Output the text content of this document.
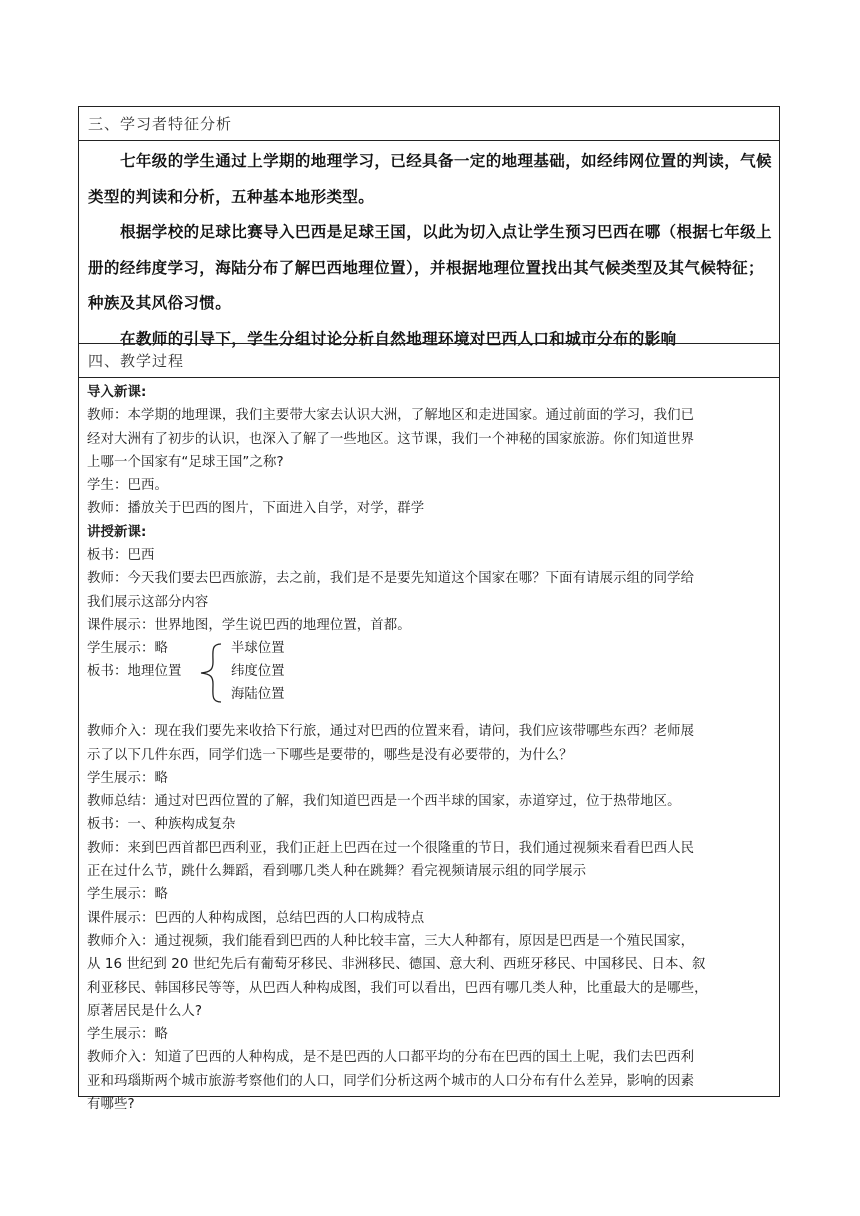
三、学习者特征分析

七年级的学生通过上学期的地理学习，已经具备一定的地理基础，如经纬网位置的判读，气候类型的判读和分析，五种基本地形类型。

根据学校的足球比赛导入巴西是足球王国，以此为切入点让学生预习巴西在哪（根据七年级上册的经纬度学习，海陆分布了解巴西地理位置），并根据地理位置找出其气候类型及其气候特征；种族及其风俗习惯。

在教师的引导下，学生分组讨论分析自然地理环境对巴西人口和城市分布的影响

四、教学过程

导入新课:

教师：本学期的地理课，我们主要带大家去认识大洲，了解地区和走进国家。通过前面的学习，我们已

经对大洲有了初步的认识，也深入了解了一些地区。这节课，我们一个神秘的国家旅游。你们知道世界

上哪一个国家有“足球王国”之称?

学生：巴西。

教师：播放关于巴西的图片，下面进入自学，对学，群学

讲授新课:

板书：巴西

教师：今天我们要去巴西旅游，去之前，我们是不是要先知道这个国家在哪？下面有请展示组的同学给

我们展示这部分内容

课件展示：世界地图，学生说巴西的地理位置，首都。

学生展示：略
板书：地理位置
半球位置
纬度位置
海陆位置

教师介入：现在我们要先来收拾下行旅，通过对巴西的位置来看，请问，我们应该带哪些东西？老师展

示了以下几件东西，同学们选一下哪些是要带的，哪些是没有必要带的，为什么？

学生展示：略

教师总结：通过对巴西位置的了解，我们知道巴西是一个西半球的国家，赤道穿过，位于热带地区。

板书：一、种族构成复杂

教师：来到巴西首都巴西利亚，我们正赶上巴西在过一个很隆重的节日，我们通过视频来看看巴西人民

正在过什么节，跳什么舞蹈，看到哪几类人种在跳舞？看完视频请展示组的同学展示

学生展示：略

课件展示：巴西的人种构成图，总结巴西的人口构成特点

教师介入：通过视频，我们能看到巴西的人种比较丰富，三大人种都有，原因是巴西是一个殖民国家，

从 16 世纪到 20 世纪先后有葡萄牙移民、非洲移民、德国、意大利、西班牙移民、中国移民、日本、叙

利亚移民、韩国移民等等，从巴西人种构成图，我们可以看出，巴西有哪几类人种，比重最大的是哪些，

原著居民是什么人?

学生展示：略

教师介入：知道了巴西的人种构成，是不是巴西的人口都平均的分布在巴西的国土上呢，我们去巴西利

亚和玛瑙斯两个城市旅游考察他们的人口，同学们分析这两个城市的人口分布有什么差异，影响的因素

有哪些?
